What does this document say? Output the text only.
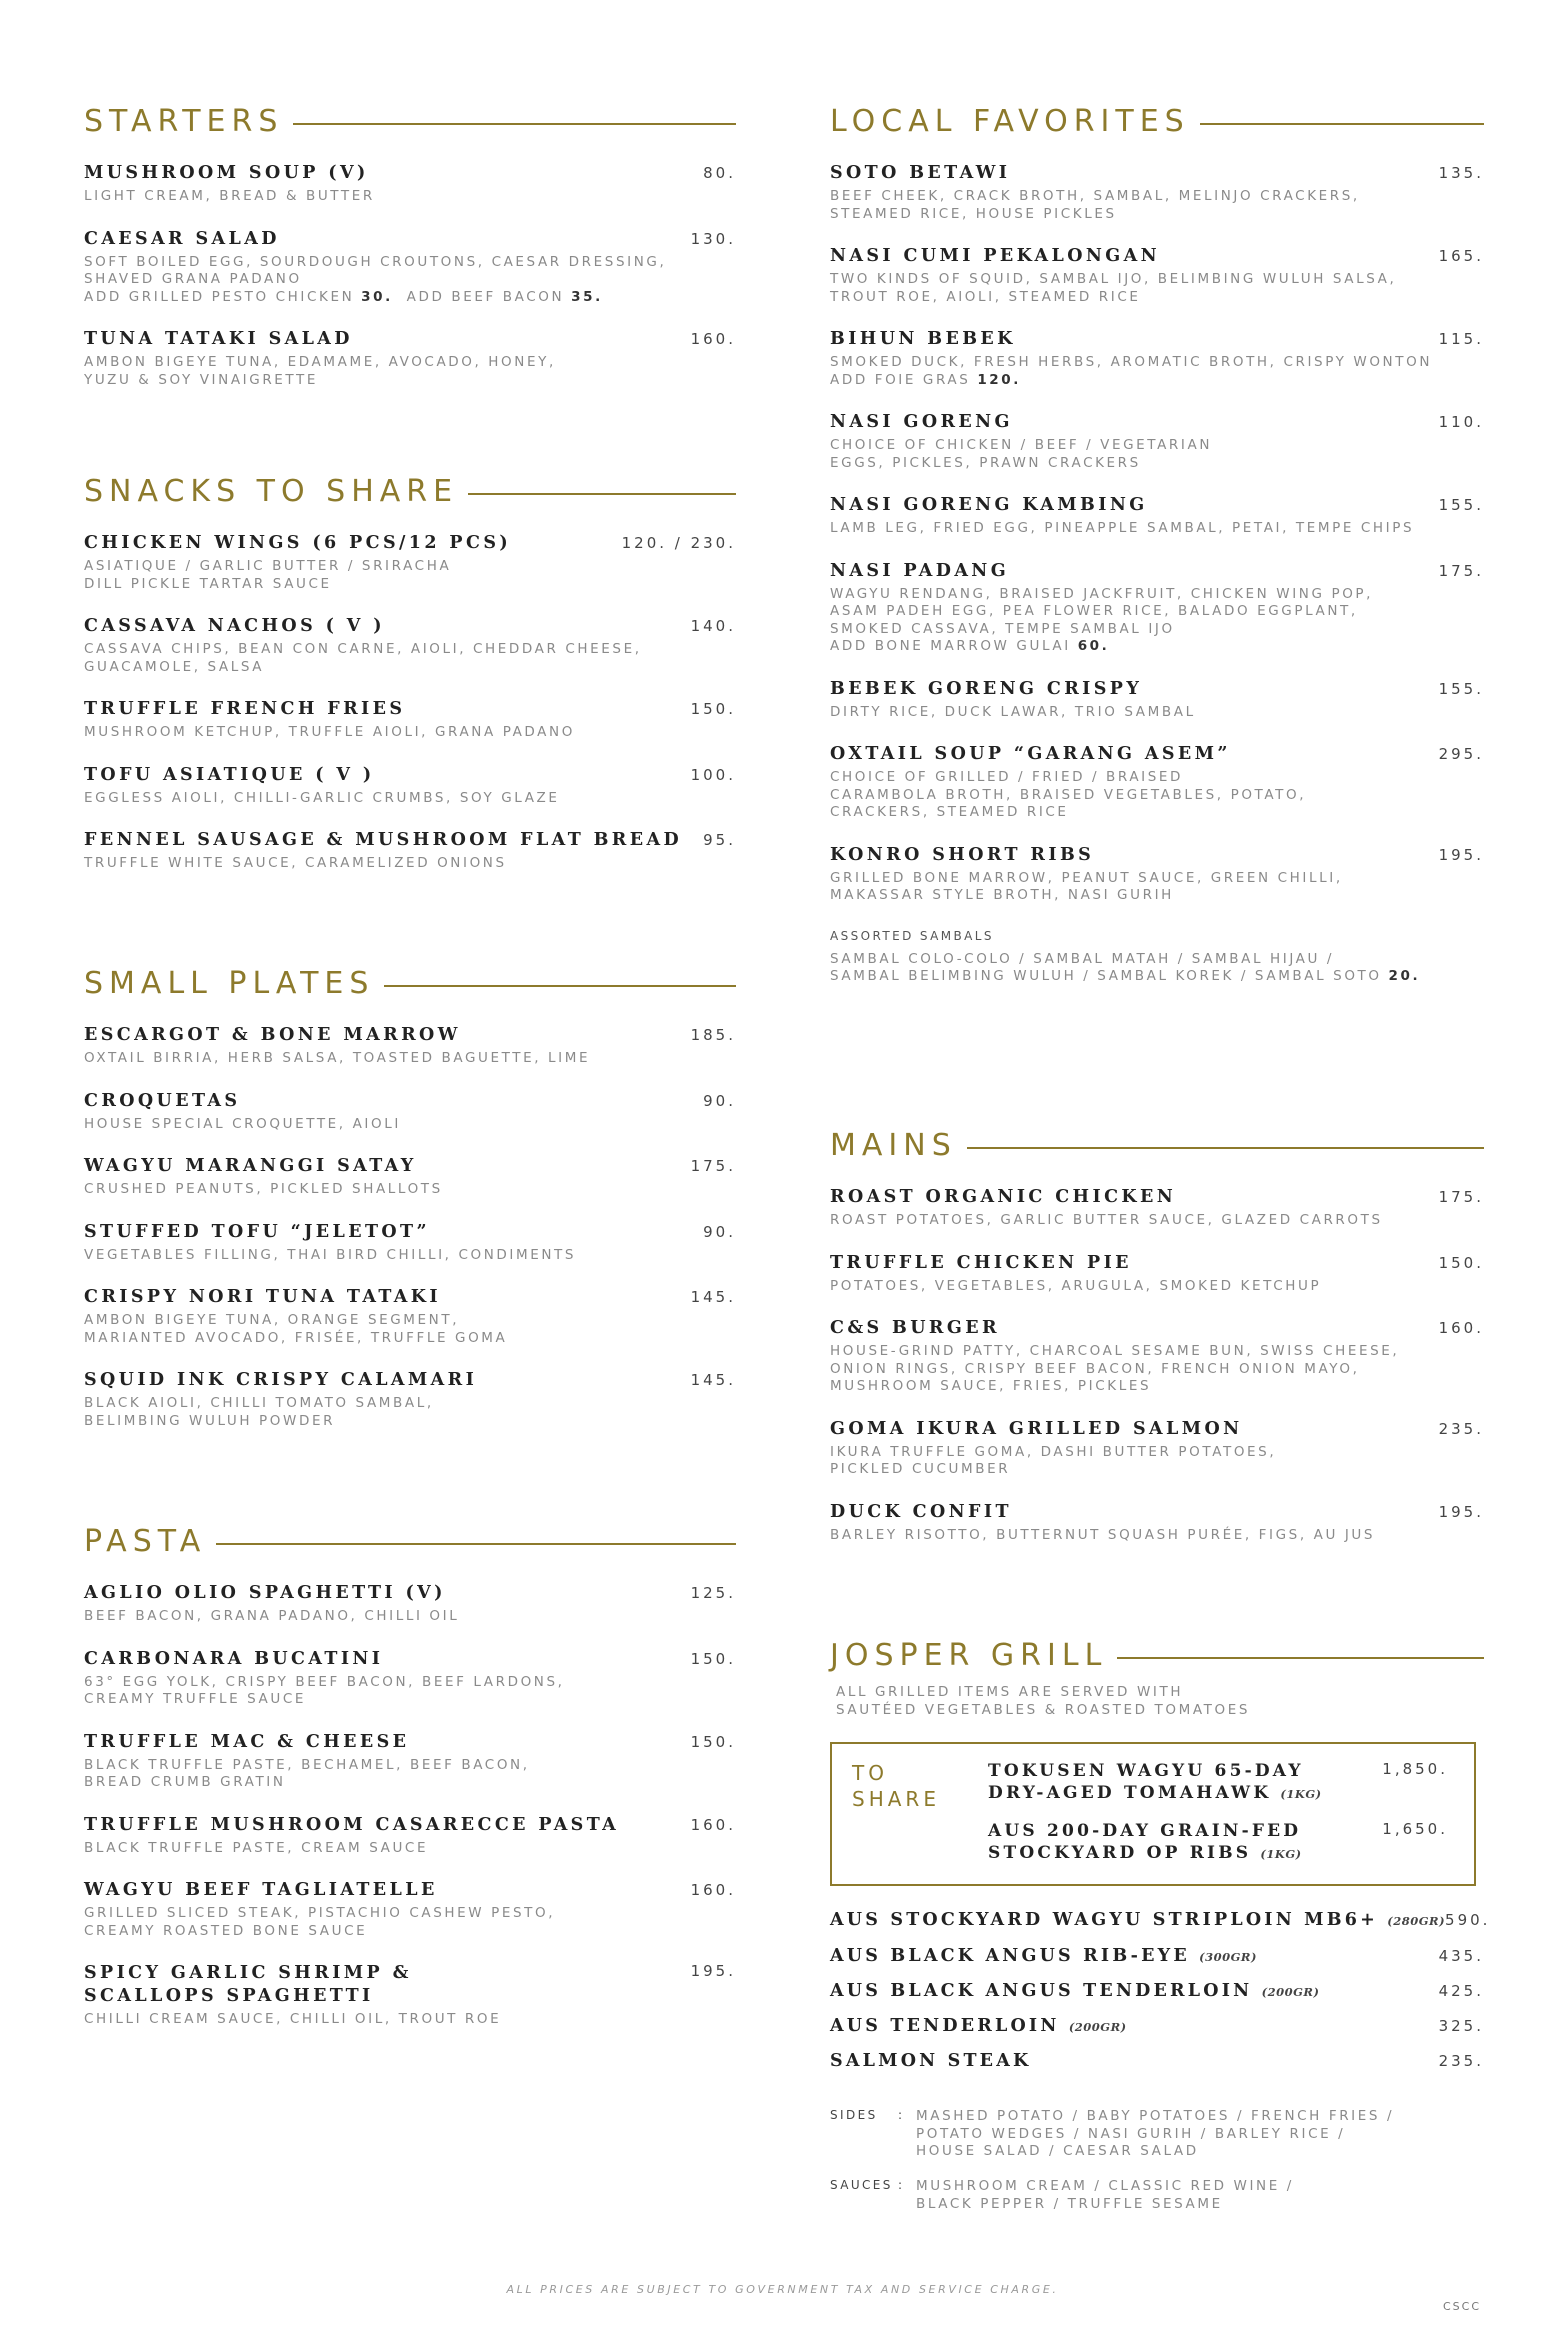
STARTERS
MUSHROOM SOUP (V)	80.
LIGHT CREAM, BREAD & BUTTER
CAESAR SALAD	130.
SOFT BOILED EGG, SOURDOUGH CROUTONS, CAESAR DRESSING,
SHAVED GRANA PADANO
ADD GRILLED PESTO CHICKEN 30.  ADD BEEF BACON 35.
TUNA TATAKI SALAD	160.
AMBON BIGEYE TUNA, EDAMAME, AVOCADO, HONEY,
YUZU & SOY VINAIGRETTE
SNACKS TO SHARE
CHICKEN WINGS (6 PCS/12 PCS)	120. / 230.
ASIATIQUE / GARLIC BUTTER / SRIRACHA
DILL PICKLE TARTAR SAUCE
CASSAVA NACHOS ( V )	140.
CASSAVA CHIPS, BEAN CON CARNE, AIOLI, CHEDDAR CHEESE,
GUACAMOLE, SALSA
TRUFFLE FRENCH FRIES	150.
MUSHROOM KETCHUP, TRUFFLE AIOLI, GRANA PADANO
TOFU ASIATIQUE ( V )	100.
EGGLESS AIOLI, CHILLI-GARLIC CRUMBS, SOY GLAZE
FENNEL SAUSAGE & MUSHROOM FLAT BREAD	95.
TRUFFLE WHITE SAUCE, CARAMELIZED ONIONS
SMALL PLATES
ESCARGOT & BONE MARROW	185.
OXTAIL BIRRIA, HERB SALSA, TOASTED BAGUETTE, LIME
CROQUETAS	90.
HOUSE SPECIAL CROQUETTE, AIOLI
WAGYU MARANGGI SATAY	175.
CRUSHED PEANUTS, PICKLED SHALLOTS
STUFFED TOFU “JELETOT”	90.
VEGETABLES FILLING, THAI BIRD CHILLI, CONDIMENTS
CRISPY NORI TUNA TATAKI	145.
AMBON BIGEYE TUNA, ORANGE SEGMENT,
MARIANTED AVOCADO, FRISÉE, TRUFFLE GOMA
SQUID INK CRISPY CALAMARI	145.
BLACK AIOLI, CHILLI TOMATO SAMBAL,
BELIMBING WULUH POWDER
PASTA
AGLIO OLIO SPAGHETTI (V)	125.
BEEF BACON, GRANA PADANO, CHILLI OIL
CARBONARA BUCATINI	150.
63° EGG YOLK, CRISPY BEEF BACON, BEEF LARDONS,
CREAMY TRUFFLE SAUCE
TRUFFLE MAC & CHEESE	150.
BLACK TRUFFLE PASTE, BECHAMEL, BEEF BACON,
BREAD CRUMB GRATIN
TRUFFLE MUSHROOM CASARECCE PASTA	160.
BLACK TRUFFLE PASTE, CREAM SAUCE
WAGYU BEEF TAGLIATELLE	160.
GRILLED SLICED STEAK, PISTACHIO CASHEW PESTO,
CREAMY ROASTED BONE SAUCE
SPICY GARLIC SHRIMP &
SCALLOPS SPAGHETTI
195.
CHILLI CREAM SAUCE, CHILLI OIL, TROUT ROE
LOCAL FAVORITES
SOTO BETAWI	135.
BEEF CHEEK, CRACK BROTH, SAMBAL, MELINJO CRACKERS,
STEAMED RICE, HOUSE PICKLES
NASI CUMI PEKALONGAN	165.
TWO KINDS OF SQUID, SAMBAL IJO, BELIMBING WULUH SALSA,
TROUT ROE, AIOLI, STEAMED RICE
BIHUN BEBEK	115.
SMOKED DUCK, FRESH HERBS, AROMATIC BROTH, CRISPY WONTON
ADD FOIE GRAS 120.
NASI GORENG	110.
CHOICE OF CHICKEN / BEEF / VEGETARIAN
EGGS, PICKLES, PRAWN CRACKERS
NASI GORENG KAMBING	155.
LAMB LEG, FRIED EGG, PINEAPPLE SAMBAL, PETAI, TEMPE CHIPS
NASI PADANG	175.
WAGYU RENDANG, BRAISED JACKFRUIT, CHICKEN WING POP,
ASAM PADEH EGG, PEA FLOWER RICE, BALADO EGGPLANT,
SMOKED CASSAVA, TEMPE SAMBAL IJO
ADD BONE MARROW GULAI 60.
BEBEK GORENG CRISPY	155.
DIRTY RICE, DUCK LAWAR, TRIO SAMBAL
OXTAIL SOUP “GARANG ASEM”	295.
CHOICE OF GRILLED / FRIED / BRAISED
CARAMBOLA BROTH, BRAISED VEGETABLES, POTATO,
CRACKERS, STEAMED RICE
KONRO SHORT RIBS	195.
GRILLED BONE MARROW, PEANUT SAUCE, GREEN CHILLI,
MAKASSAR STYLE BROTH, NASI GURIH
ASSORTED SAMBALS
SAMBAL COLO-COLO / SAMBAL MATAH / SAMBAL HIJAU /
SAMBAL BELIMBING WULUH / SAMBAL KOREK / SAMBAL SOTO 20.
MAINS
ROAST ORGANIC CHICKEN	175.
ROAST POTATOES, GARLIC BUTTER SAUCE, GLAZED CARROTS
TRUFFLE CHICKEN PIE	150.
POTATOES, VEGETABLES, ARUGULA, SMOKED KETCHUP
C&S BURGER	160.
HOUSE-GRIND PATTY, CHARCOAL SESAME BUN, SWISS CHEESE,
ONION RINGS, CRISPY BEEF BACON, FRENCH ONION MAYO,
MUSHROOM SAUCE, FRIES, PICKLES
GOMA IKURA GRILLED SALMON	235.
IKURA TRUFFLE GOMA, DASHI BUTTER POTATOES,
PICKLED CUCUMBER
DUCK CONFIT	195.
BARLEY RISOTTO, BUTTERNUT SQUASH PURÉE, FIGS, AU JUS
JOSPER GRILL
ALL GRILLED ITEMS ARE SERVED WITH
SAUTÉED VEGETABLES & ROASTED TOMATOES
TO
SHARE
TOKUSEN WAGYU 65-DAY
DRY-AGED TOMAHAWK (1KG)
1,850.
AUS 200-DAY GRAIN-FED
STOCKYARD OP RIBS (1KG)
1,650.
AUS STOCKYARD WAGYU STRIPLOIN MB6+ (280GR) 590.
AUS BLACK ANGUS RIB-EYE (300GR)	435.
AUS BLACK ANGUS TENDERLOIN (200GR)	425.
AUS TENDERLOIN (200GR)	325.
SALMON STEAK	235.
SIDES : MASHED POTATO / BABY POTATOES / FRENCH FRIES /
POTATO WEDGES / NASI GURIH / BARLEY RICE /
HOUSE SALAD / CAESAR SALAD
SAUCES : MUSHROOM CREAM / CLASSIC RED WINE /
BLACK PEPPER / TRUFFLE SESAME
ALL PRICES ARE SUBJECT TO GOVERNMENT TAX AND SERVICE CHARGE.
CSCC
